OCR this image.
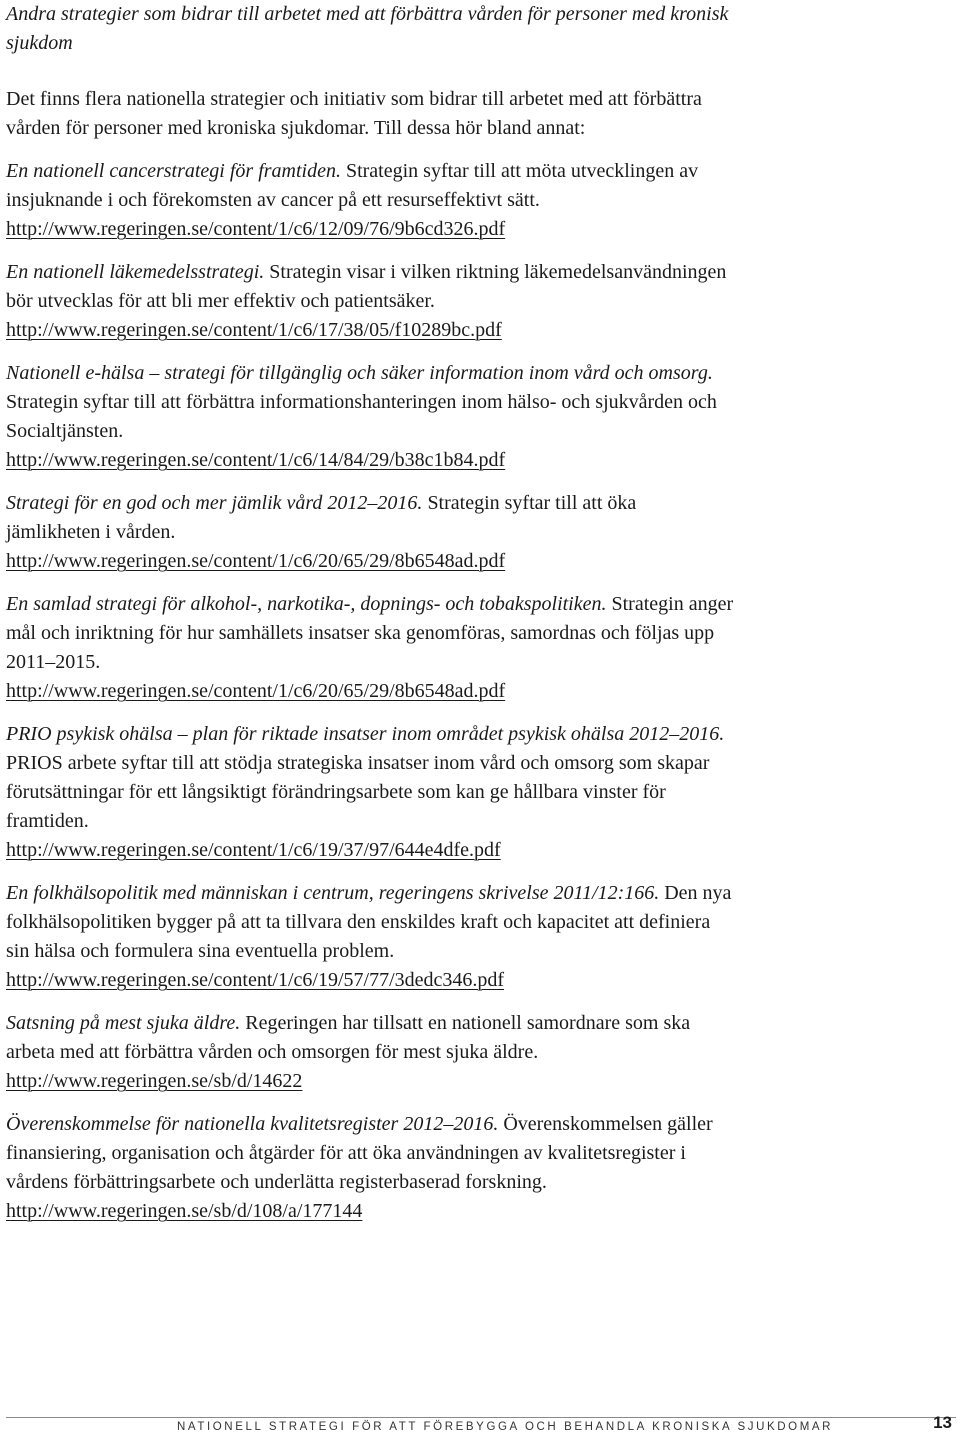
Andra strategier som bidrar till arbetet med att förbättra vården för personer med kronisk sjukdom

Det finns flera nationella strategier och initiativ som bidrar till arbetet med att förbättra vården för personer med kroniska sjukdomar. Till dessa hör bland annat:

En nationell cancerstrategi för framtiden. Strategin syftar till att möta utvecklingen av insjuknande i och förekomsten av cancer på ett resurseffektivt sätt.
http://www.regeringen.se/content/1/c6/12/09/76/9b6cd326.pdf
En nationell läkemedelsstrategi. Strategin visar i vilken riktning läkemedelsanvändningen bör utvecklas för att bli mer effektiv och patientsäker.
http://www.regeringen.se/content/1/c6/17/38/05/f10289bc.pdf
Nationell e-hälsa – strategi för tillgänglig och säker information inom vård och omsorg. Strategin syftar till att förbättra informationshanteringen inom hälso- och sjukvården och Socialtjänsten.
http://www.regeringen.se/content/1/c6/14/84/29/b38c1b84.pdf
Strategi för en god och mer jämlik vård 2012–2016. Strategin syftar till att öka jämlikheten i vården.
http://www.regeringen.se/content/1/c6/20/65/29/8b6548ad.pdf
En samlad strategi för alkohol-, narkotika-, dopnings- och tobakspolitiken. Strategin anger mål och inriktning för hur samhällets insatser ska genomföras, samordnas och följas upp 2011–2015.
http://www.regeringen.se/content/1/c6/20/65/29/8b6548ad.pdf
PRIO psykisk ohälsa – plan för riktade insatser inom området psykisk ohälsa 2012–2016. PRIOS arbete syftar till att stödja strategiska insatser inom vård och omsorg som skapar förutsättningar för ett långsiktigt förändringsarbete som kan ge hållbara vinster för framtiden.
http://www.regeringen.se/content/1/c6/19/37/97/644e4dfe.pdf
En folkhälsopolitik med människan i centrum, regeringens skrivelse 2011/12:166. Den nya folkhälsopolitiken bygger på att ta tillvara den enskildes kraft och kapacitet att definiera sin hälsa och formulera sina eventuella problem.
http://www.regeringen.se/content/1/c6/19/57/77/3dedc346.pdf
Satsning på mest sjuka äldre. Regeringen har tillsatt en nationell samordnare som ska arbeta med att förbättra vården och omsorgen för mest sjuka äldre.
http://www.regeringen.se/sb/d/14622
Överenskommelse för nationella kvalitetsregister 2012–2016. Överenskommelsen gäller finansiering, organisation och åtgärder för att öka användningen av kvalitetsregister i vårdens förbättringsarbete och underlätta registerbaserad forskning.
http://www.regeringen.se/sb/d/108/a/177144
NATIONELL STRATEGI FÖR ATT FÖREBYGGA OCH BEHANDLA KRONISKA SJUKDOMAR	13
